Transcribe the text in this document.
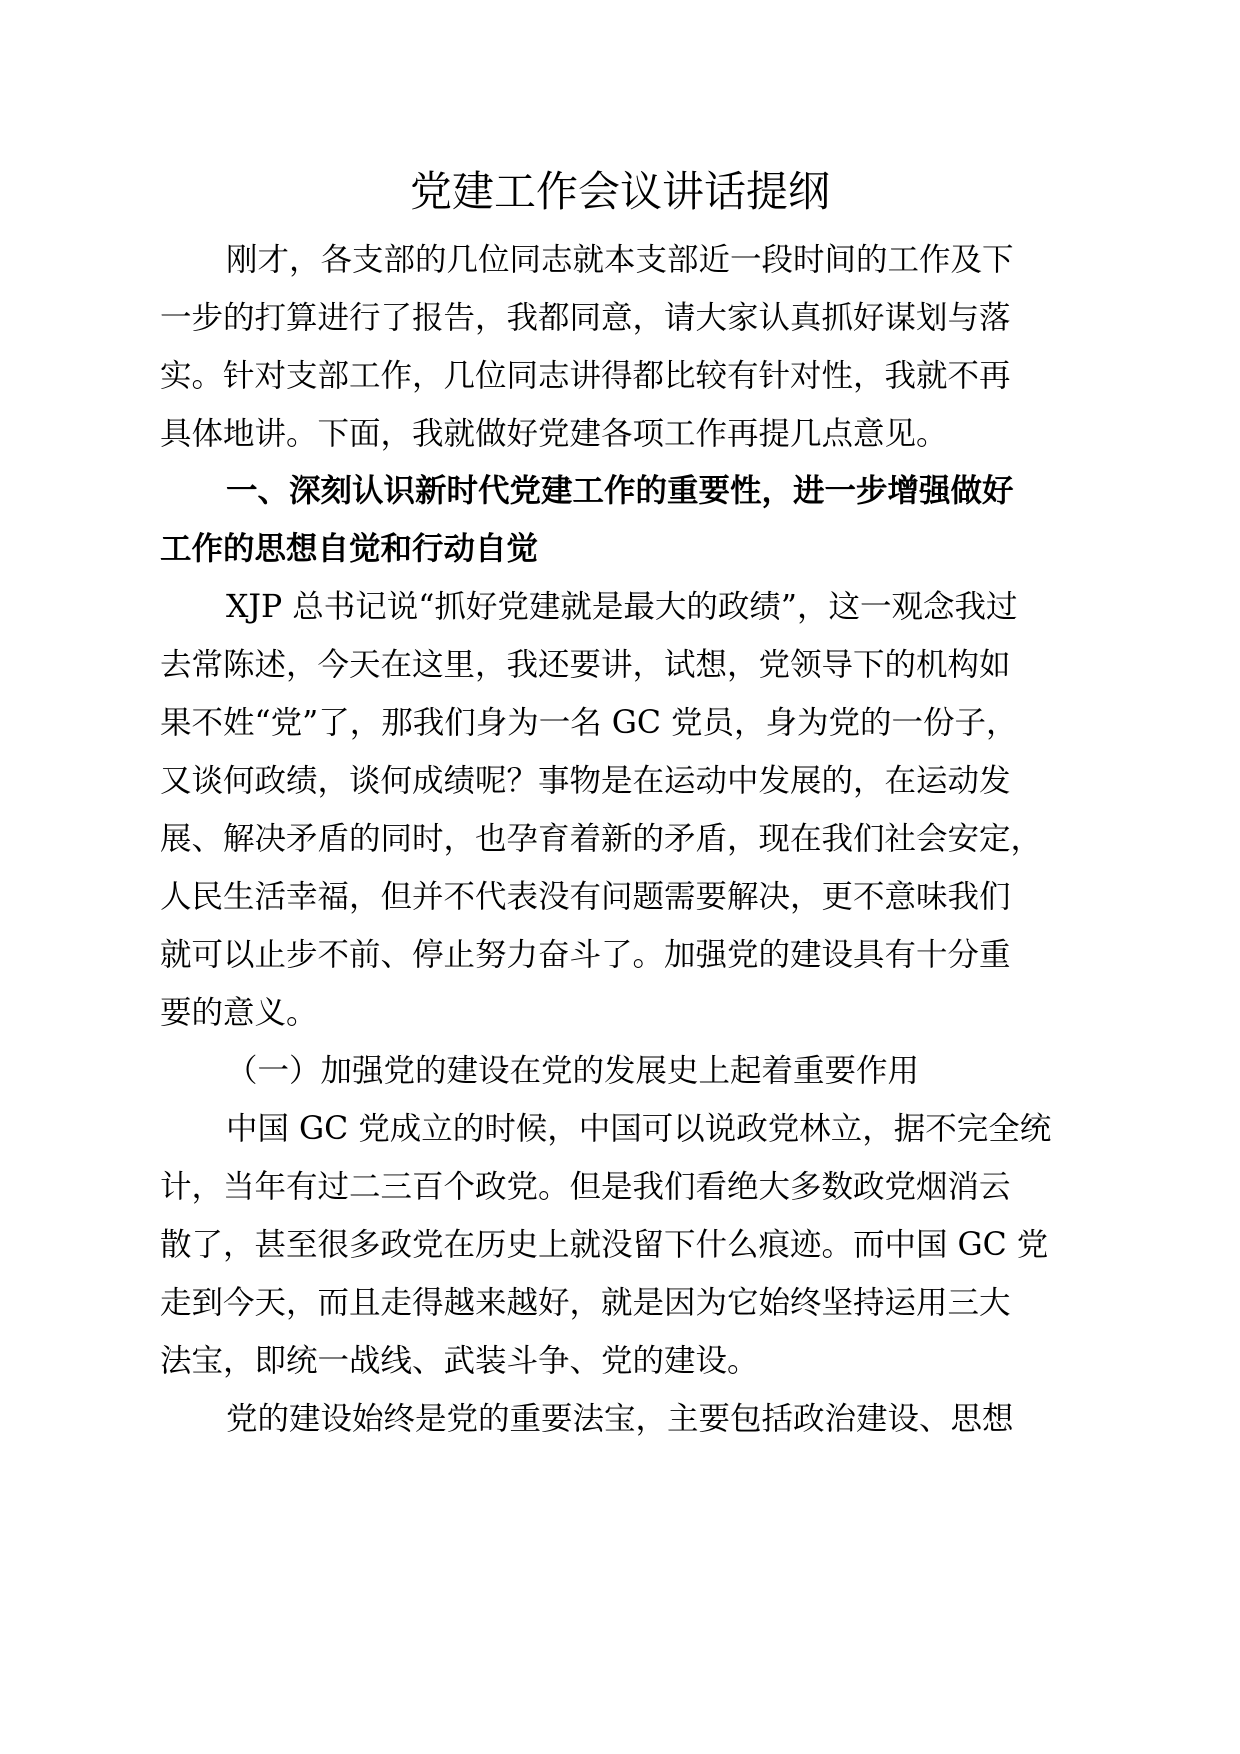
党建工作会议讲话提纲
刚才，各支部的几位同志就本支部近一段时间的工作及下
一步的打算进行了报告，我都同意，请大家认真抓好谋划与落
实。针对支部工作，几位同志讲得都比较有针对性，我就不再
具体地讲。下面，我就做好党建各项工作再提几点意见。
一、深刻认识新时代党建工作的重要性，进一步增强做好
工作的思想自觉和行动自觉
XJP 总书记说“抓好党建就是最大的政绩”，这一观念我过
去常陈述，今天在这里，我还要讲，试想，党领导下的机构如
果不姓“党”了，那我们身为一名 GC 党员，身为党的一份子，
又谈何政绩，谈何成绩呢？事物是在运动中发展的，在运动发
展、解决矛盾的同时，也孕育着新的矛盾，现在我们社会安定，
人民生活幸福，但并不代表没有问题需要解决，更不意味我们
就可以止步不前、停止努力奋斗了。加强党的建设具有十分重
要的意义。
（一）加强党的建设在党的发展史上起着重要作用
中国 GC 党成立的时候，中国可以说政党林立，据不完全统
计，当年有过二三百个政党。但是我们看绝大多数政党烟消云
散了，甚至很多政党在历史上就没留下什么痕迹。而中国 GC 党
走到今天，而且走得越来越好，就是因为它始终坚持运用三大
法宝，即统一战线、武装斗争、党的建设。
党的建设始终是党的重要法宝，主要包括政治建设、思想
